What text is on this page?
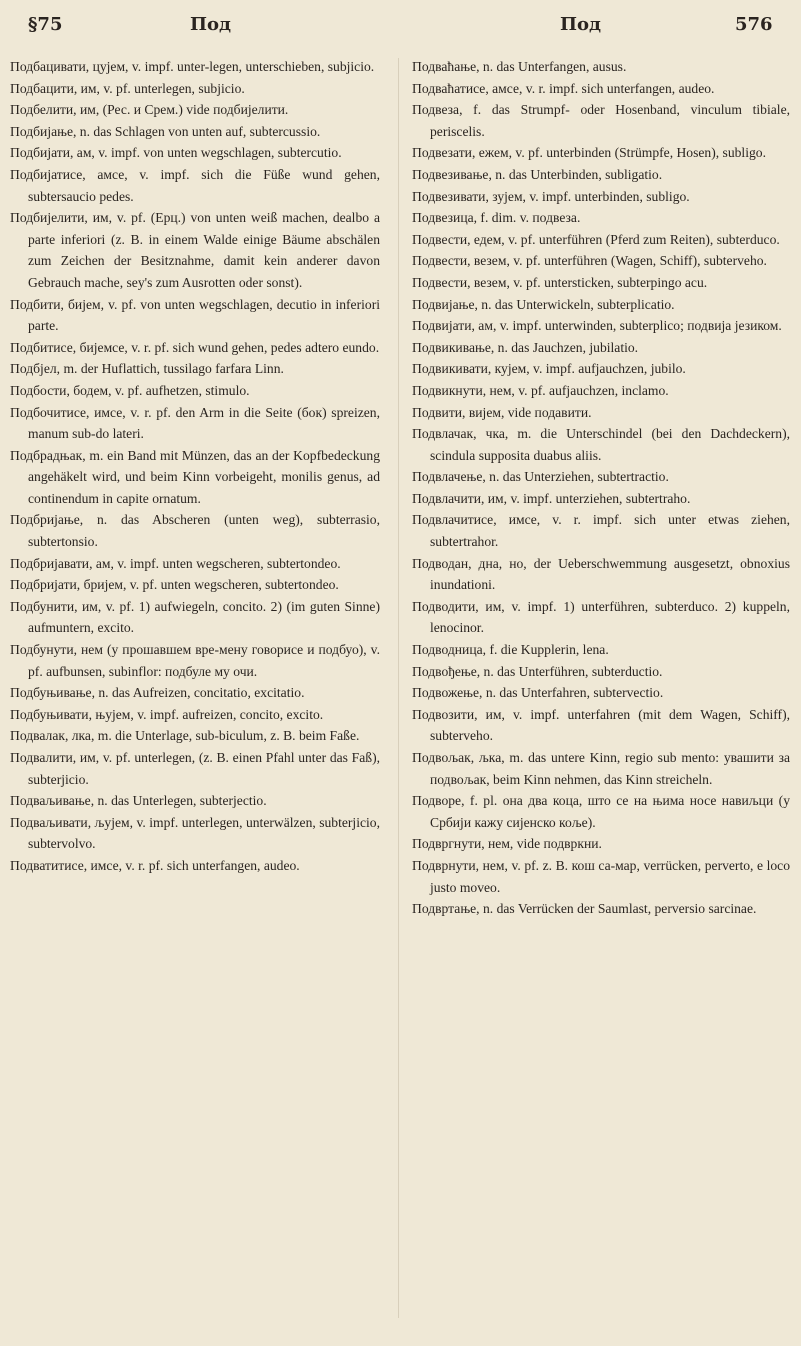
§75	Под	Под	576

Подбацивати, цујем, v. impf. unter-legen, unterschieben, subjicio.

Подбацити, им, v. pf. unterlegen, subjicio.

Подбелити, им, (Рес. и Срем.) vide подбијелити.

Подбијање, n. das Schlagen von unten auf, subtercussio.

Подбијати, ам, v. impf. von unten wegschlagen, subtercutio.

Подбијатисе, амсе, v. impf. sich die Füße wund gehen, subtersaucio pedes.

Подбијелити, им, v. pf. (Ерц.) von unten weiß machen, dealbo a parte inferiori (z. B. in einem Walde einige Bäume abschälen zum Zeichen der Besitznahme, damit kein anderer davon Gebrauch mache, sey's zum Ausrotten oder sonst).

Подбити, бијем, v. pf. von unten wegschlagen, decutio in inferiori parte.

Подбитисе, бијемсе, v. r. pf. sich wund gehen, pedes adtero eundo.

Подбјел, m. der Huflattich, tussilago farfara Linn.

Подбости, бодем, v. pf. aufhetzen, stimulo.

Подбочитисе, имсе, v. r. pf. den Arm in die Seite (бок) spreizen, manum sub-do lateri.

Подбрадњак, m. ein Band mit Münzen, das an der Kopfbedeckung angehäkelt wird, und beim Kinn vorbeigeht, monilis genus, ad continendum in capite ornatum.

Подбријање, n. das Abscheren (unten weg), subterrasio, subtertonsio.

Подбријавати, ам, v. impf. unten wegscheren, subtertondeo.

Подбријати, бријем, v. pf. unten wegscheren, subtertondeo.

Подбунити, им, v. pf. 1) aufwiegeln, concito. 2) (im guten Sinne) aufmuntern, excito.

Подбунути, нем (у прошавшем вре-мену говорисе и подбуо), v. pf. aufbunsen, subinflor: подбуле му очи.

Подбуњивање, n. das Aufreizen, concitatio, excitatio.

Подбуњивати, њујем, v. impf. aufreizen, concito, excito.

Подвалак, лка, m. die Unterlage, sub-biculum, z. B. beim Faße.

Подвалити, им, v. pf. unterlegen, (z. B. einen Pfahl unter das Faß), subterjicio.

Подваљивање, n. das Unterlegen, subterjectio.

Подваљивати, љујем, v. impf. unterlegen, unterwälzen, subterjicio, subtervolvo.

Подватитисе, имсе, v. r. pf. sich unterfangen, audeo.

Подваћање, n. das Unterfangen, ausus.

Подваћатисе, амсе, v. r. impf. sich unterfangen, audeo.

Подвеза, f. das Strumpf- oder Hosenband, vinculum tibiale, periscelis.

Подвезати, ежем, v. pf. unterbinden (Strümpfe, Hosen), subligo.

Подвезивање, n. das Unterbinden, subligatio.

Подвезивати, зујем, v. impf. unterbinden, subligo.

Подвезица, f. dim. v. подвеза.

Подвести, едем, v. pf. unterführen (Pferd zum Reiten), subterduco.

Подвести, везем, v. pf. unterführen (Wagen, Schiff), subterveho.

Подвести, везем, v. pf. untersticken, subterpingo acu.

Подвијање, n. das Unterwickeln, subterplicatio.

Подвијати, ам, v. impf. unterwinden, subterplico; подвија језиком.

Подвикивање, n. das Jauchzen, jubilatio.

Подвикивати, кујем, v. impf. aufjauchzen, jubilo.

Подвикнути, нем, v. pf. aufjauchzen, inclamo.

Подвити, вијем, vide подавити.

Подвлачак, чка, m. die Unterschindel (bei den Dachdeckern), scindula supposita duabus aliis.

Подвлачење, n. das Unterziehen, subtertractio.

Подвлачити, им, v. impf. unterziehen, subtertraho.

Подвлачитисе, имсе, v. r. impf. sich unter etwas ziehen, subtertrahor.

Подводан, дна, но, der Ueberschwemmung ausgesetzt, obnoxius inundationi.

Подводити, им, v. impf. 1) unterführen, subterduco. 2) kuppeln, lenocinor.

Подводница, f. die Kupplerin, lena.

Подвођење, n. das Unterführen, subterductio.

Подвожење, n. das Unterfahren, subtervectio.

Подвозити, им, v. impf. unterfahren (mit dem Wagen, Schiff), subterveho.

Подвољак, љка, m. das untere Kinn, regio sub mento: увашити за подвољак, beim Kinn nehmen, das Kinn streicheln.

Подворе, f. pl. она два коца, што се на њима носе навиљци (у Србији кажу сијенско коље).

Подвргнути, нем, vide подвркни.

Подврнути, нем, v. pf. z. B. кош са-мар, verrücken, perverto, e loco justo moveo.

Подвртање, n. das Verrücken der Saumlast, perversio sarcinae.
